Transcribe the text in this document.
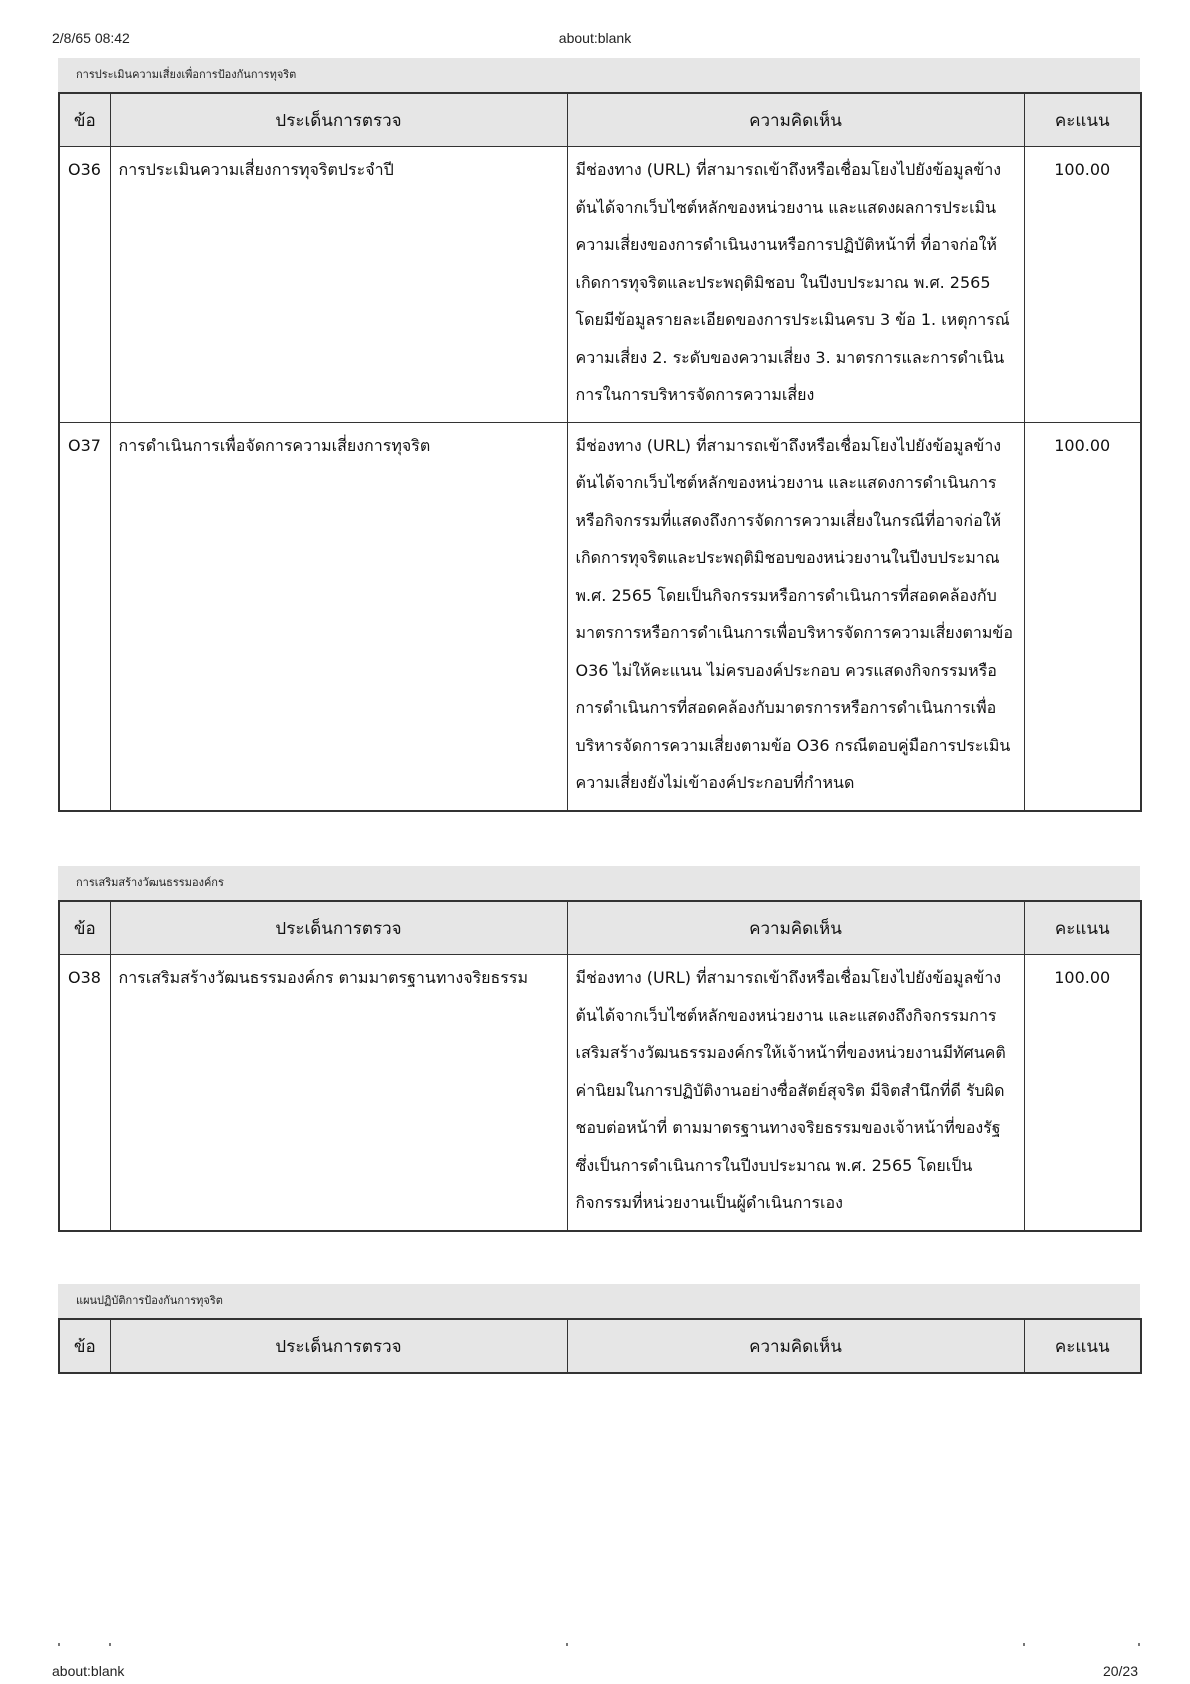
about:blank
2/8/65 08:42
การประเมินความเสี่ยงเพื่อการป้องกันการทุจริต
ข้อ	ประเด็นการตรวจ	ความคิดเห็น	คะแนน
O36	การประเมินความเสี่ยงการทุจริตประจำปี	มีช่องทาง (URL) ที่สามารถเข้าถึงหรือเชื่อมโยงไปยังข้อมูลข้างต้นได้จากเว็บไซต์หลักของหน่วยงาน และแสดงผลการประเมินความเสี่ยงของการดำเนินงานหรือการปฏิบัติหน้าที่ ที่อาจก่อให้เกิดการทุจริตและประพฤติมิชอบ ในปีงบประมาณ พ.ศ. 2565 โดยมีข้อมูลรายละเอียดของการประเมินครบ 3 ข้อ 1. เหตุการณ์ความเสี่ยง 2. ระดับของความเสี่ยง 3. มาตรการและการดำเนินการในการบริหารจัดการความเสี่ยง	100.00
O37	การดำเนินการเพื่อจัดการความเสี่ยงการทุจริต	มีช่องทาง (URL) ที่สามารถเข้าถึงหรือเชื่อมโยงไปยังข้อมูลข้างต้นได้จากเว็บไซต์หลักของหน่วยงาน และแสดงการดำเนินการหรือกิจกรรมที่แสดงถึงการจัดการความเสี่ยงในกรณีที่อาจก่อให้เกิดการทุจริตและประพฤติมิชอบของหน่วยงานในปีงบประมาณ พ.ศ. 2565 โดยเป็นกิจกรรมหรือการดำเนินการที่สอดคล้องกับมาตรการหรือการดำเนินการเพื่อบริหารจัดการความเสี่ยงตามข้อ O36 ไม่ให้คะแนน ไม่ครบองค์ประกอบ ควรแสดงกิจกรรมหรือการดำเนินการที่สอดคล้องกับมาตรการหรือการดำเนินการเพื่อบริหารจัดการความเสี่ยงตามข้อ O36 กรณีตอบคู่มือการประเมินความเสี่ยงยังไม่เข้าองค์ประกอบที่กำหนด	100.00
การเสริมสร้างวัฒนธรรมองค์กร
ข้อ	ประเด็นการตรวจ	ความคิดเห็น	คะแนน
O38	การเสริมสร้างวัฒนธรรมองค์กร ตามมาตรฐานทางจริยธรรม	มีช่องทาง (URL) ที่สามารถเข้าถึงหรือเชื่อมโยงไปยังข้อมูลข้างต้นได้จากเว็บไซต์หลักของหน่วยงาน และแสดงถึงกิจกรรมการเสริมสร้างวัฒนธรรมองค์กรให้เจ้าหน้าที่ของหน่วยงานมีทัศนคติ ค่านิยมในการปฏิบัติงานอย่างซื่อสัตย์สุจริต มีจิตสำนึกที่ดี รับผิดชอบต่อหน้าที่ ตามมาตรฐานทางจริยธรรมของเจ้าหน้าที่ของรัฐ ซึ่งเป็นการดำเนินการในปีงบประมาณ พ.ศ. 2565 โดยเป็นกิจกรรมที่หน่วยงานเป็นผู้ดำเนินการเอง	100.00
แผนปฏิบัติการป้องกันการทุจริต
ข้อ	ประเด็นการตรวจ	ความคิดเห็น	คะแนน
about:blank	20/23
